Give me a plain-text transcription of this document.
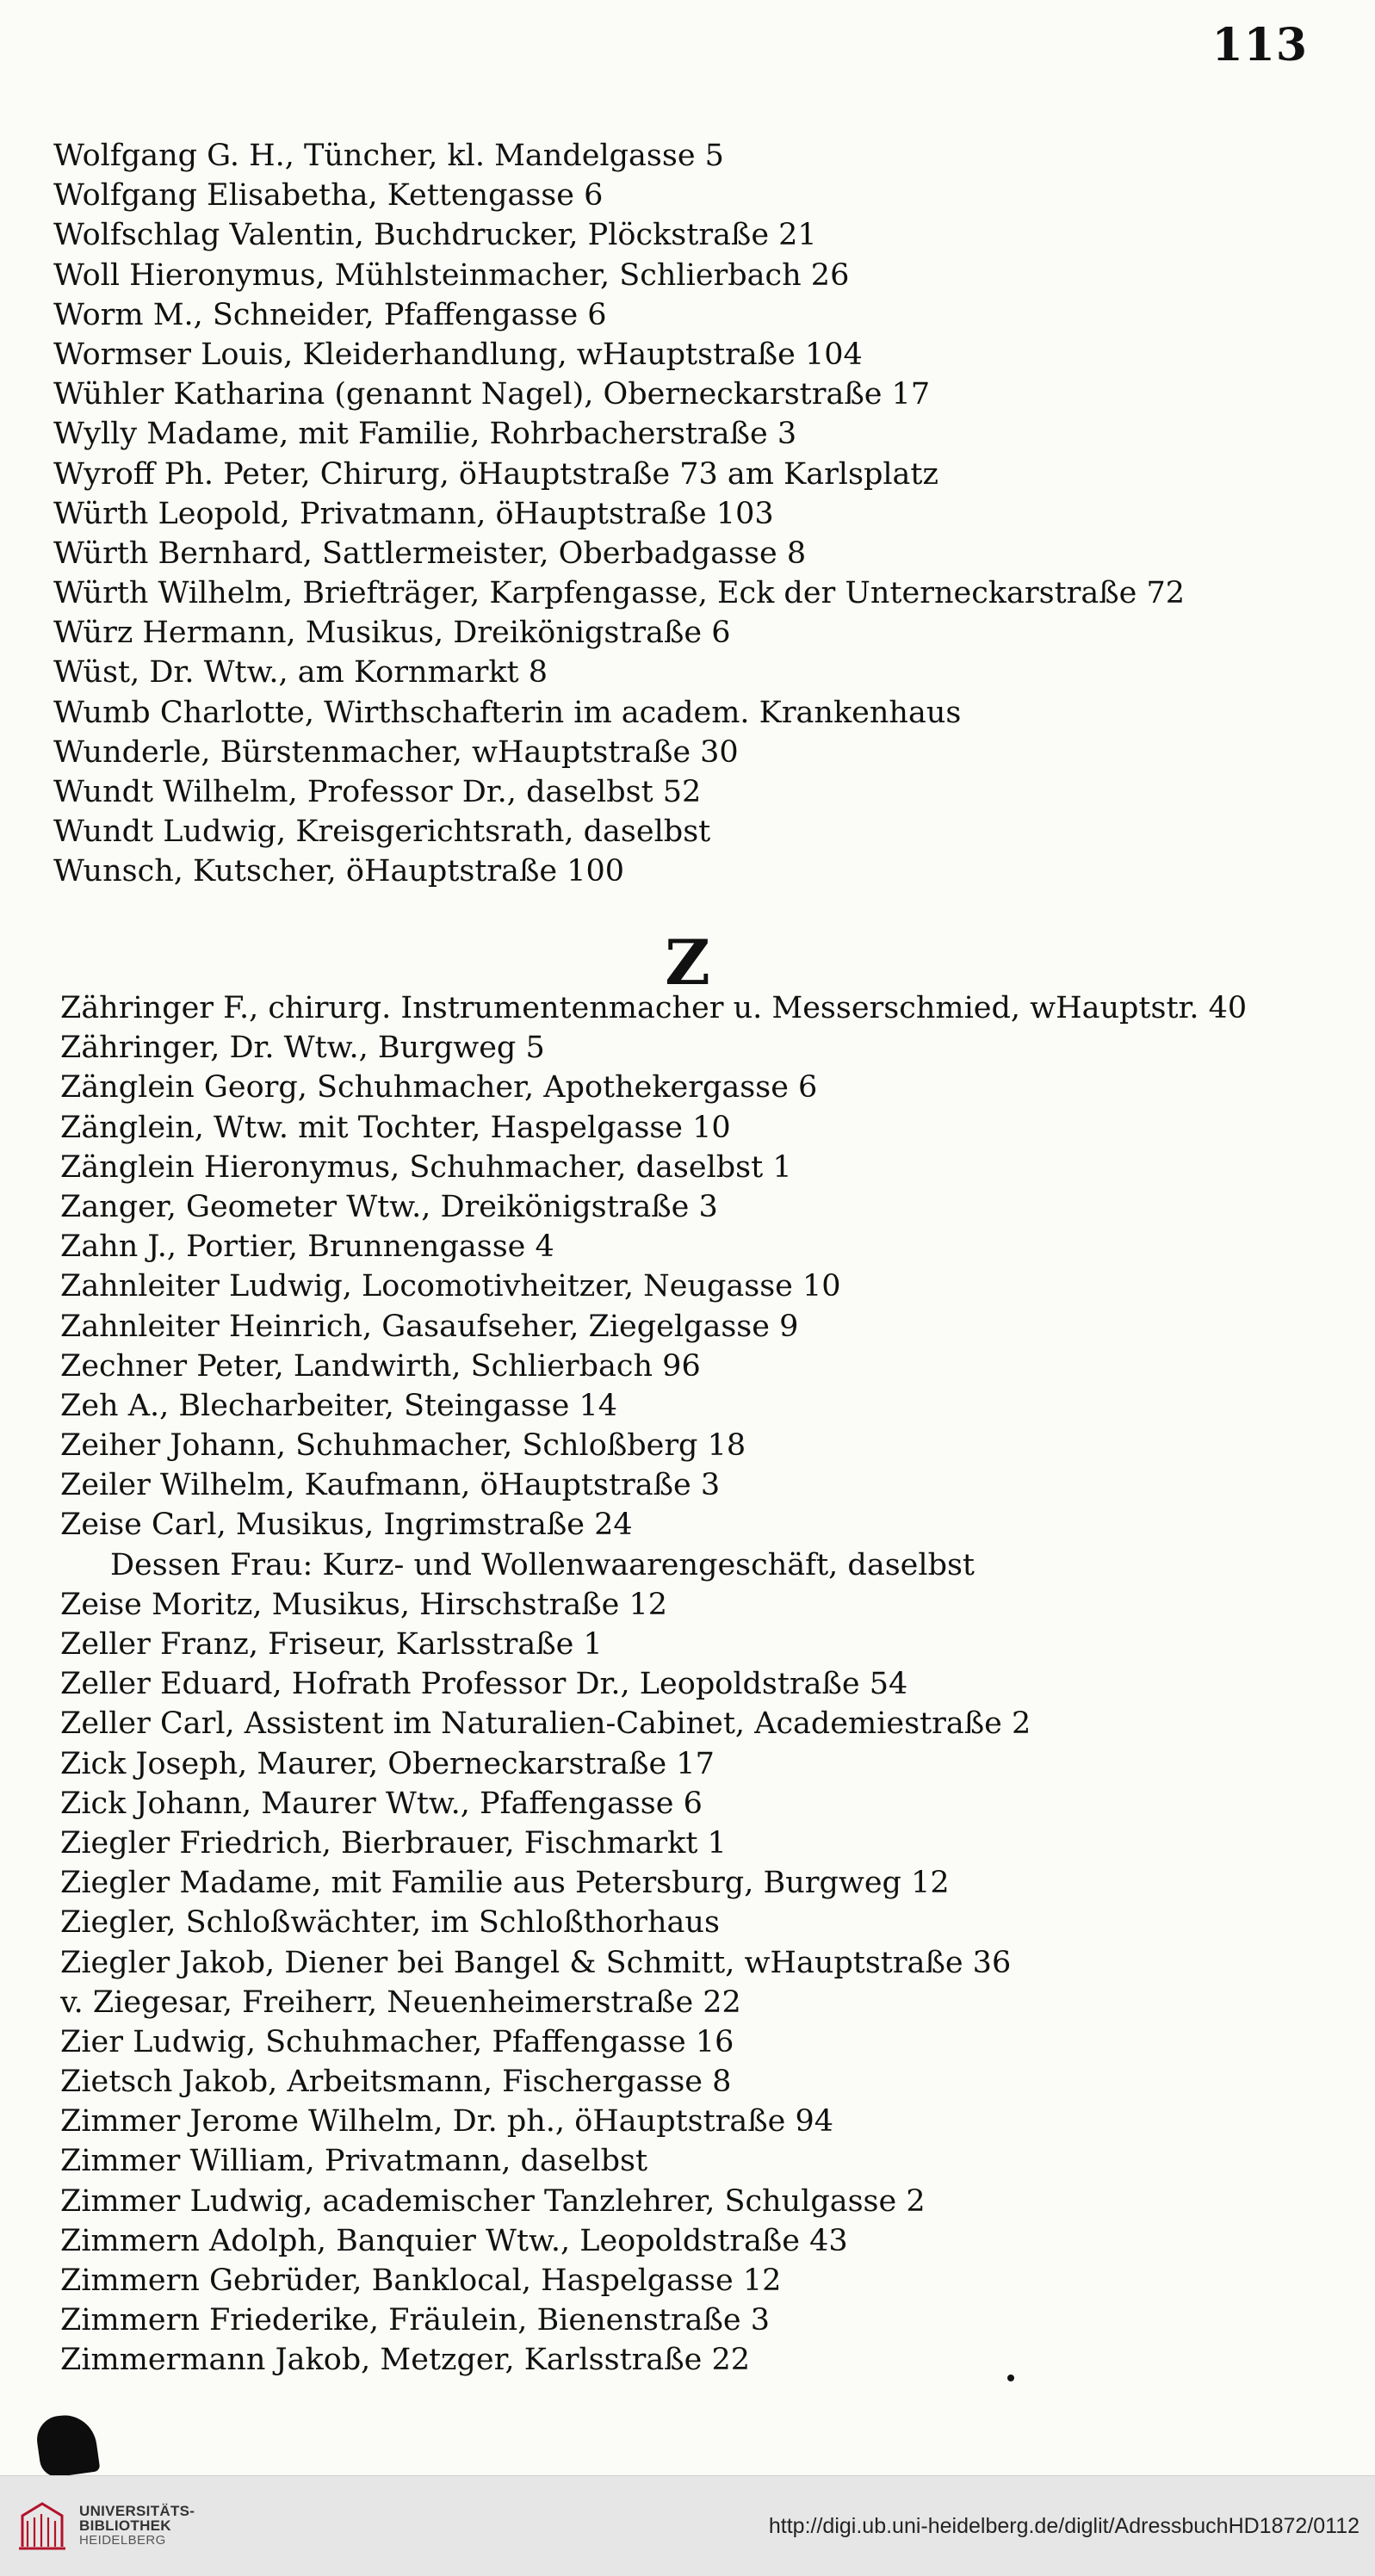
113
Wolfgang G. H., Tüncher, kl. Mandelgasse 5
Wolfgang Elisabetha, Kettengasse 6
Wolfschlag Valentin, Buchdrucker, Plöckstraße 21
Woll Hieronymus, Mühlsteinmacher, Schlierbach 26
Worm M., Schneider, Pfaffengasse 6
Wormser Louis, Kleiderhandlung, wHauptstraße 104
Wühler Katharina (genannt Nagel), Oberneckarstraße 17
Wylly Madame, mit Familie, Rohrbacherstraße 3
Wyroff Ph. Peter, Chirurg, öHauptstraße 73 am Karlsplatz
Würth Leopold, Privatmann, öHauptstraße 103
Würth Bernhard, Sattlermeister, Oberbadgasse 8
Würth Wilhelm, Briefträger, Karpfengasse, Eck der Unterneckarstraße 72
Würz Hermann, Musikus, Dreikönigstraße 6
Wüst, Dr. Wtw., am Kornmarkt 8
Wumb Charlotte, Wirthschafterin im academ. Krankenhaus
Wunderle, Bürstenmacher, wHauptstraße 30
Wundt Wilhelm, Professor Dr., daselbst 52
Wundt Ludwig, Kreisgerichtsrath, daselbst
Wunsch, Kutscher, öHauptstraße 100
Z
Zähringer F., chirurg. Instrumentenmacher u. Messerschmied, wHauptstr. 40
Zähringer, Dr. Wtw., Burgweg 5
Zänglein Georg, Schuhmacher, Apothekergasse 6
Zänglein, Wtw. mit Tochter, Haspelgasse 10
Zänglein Hieronymus, Schuhmacher, daselbst 1
Zanger, Geometer Wtw., Dreikönigstraße 3
Zahn J., Portier, Brunnengasse 4
Zahnleiter Ludwig, Locomotivheitzer, Neugasse 10
Zahnleiter Heinrich, Gasaufseher, Ziegelgasse 9
Zechner Peter, Landwirth, Schlierbach 96
Zeh A., Blecharbeiter, Steingasse 14
Zeiher Johann, Schuhmacher, Schloßberg 18
Zeiler Wilhelm, Kaufmann, öHauptstraße 3
Zeise Carl, Musikus, Ingrimstraße 24
Dessen Frau: Kurz- und Wollenwaarengeschäft, daselbst
Zeise Moritz, Musikus, Hirschstraße 12
Zeller Franz, Friseur, Karlsstraße 1
Zeller Eduard, Hofrath Professor Dr., Leopoldstraße 54
Zeller Carl, Assistent im Naturalien-Cabinet, Academiestraße 2
Zick Joseph, Maurer, Oberneckarstraße 17
Zick Johann, Maurer Wtw., Pfaffengasse 6
Ziegler Friedrich, Bierbrauer, Fischmarkt 1
Ziegler Madame, mit Familie aus Petersburg, Burgweg 12
Ziegler, Schloßwächter, im Schloßthorhaus
Ziegler Jakob, Diener bei Bangel & Schmitt, wHauptstraße 36
v. Ziegesar, Freiherr, Neuenheimerstraße 22
Zier Ludwig, Schuhmacher, Pfaffengasse 16
Zietsch Jakob, Arbeitsmann, Fischergasse 8
Zimmer Jerome Wilhelm, Dr. ph., öHauptstraße 94
Zimmer William, Privatmann, daselbst
Zimmer Ludwig, academischer Tanzlehrer, Schulgasse 2
Zimmern Adolph, Banquier Wtw., Leopoldstraße 43
Zimmern Gebrüder, Banklocal, Haspelgasse 12
Zimmern Friederike, Fräulein, Bienenstraße 3
Zimmermann Jakob, Metzger, Karlsstraße 22
UNIVERSITÄTS-
BIBLIOTHEK
HEIDELBERG
http://digi.ub.uni-heidelberg.de/diglit/AdressbuchHD1872/0112
